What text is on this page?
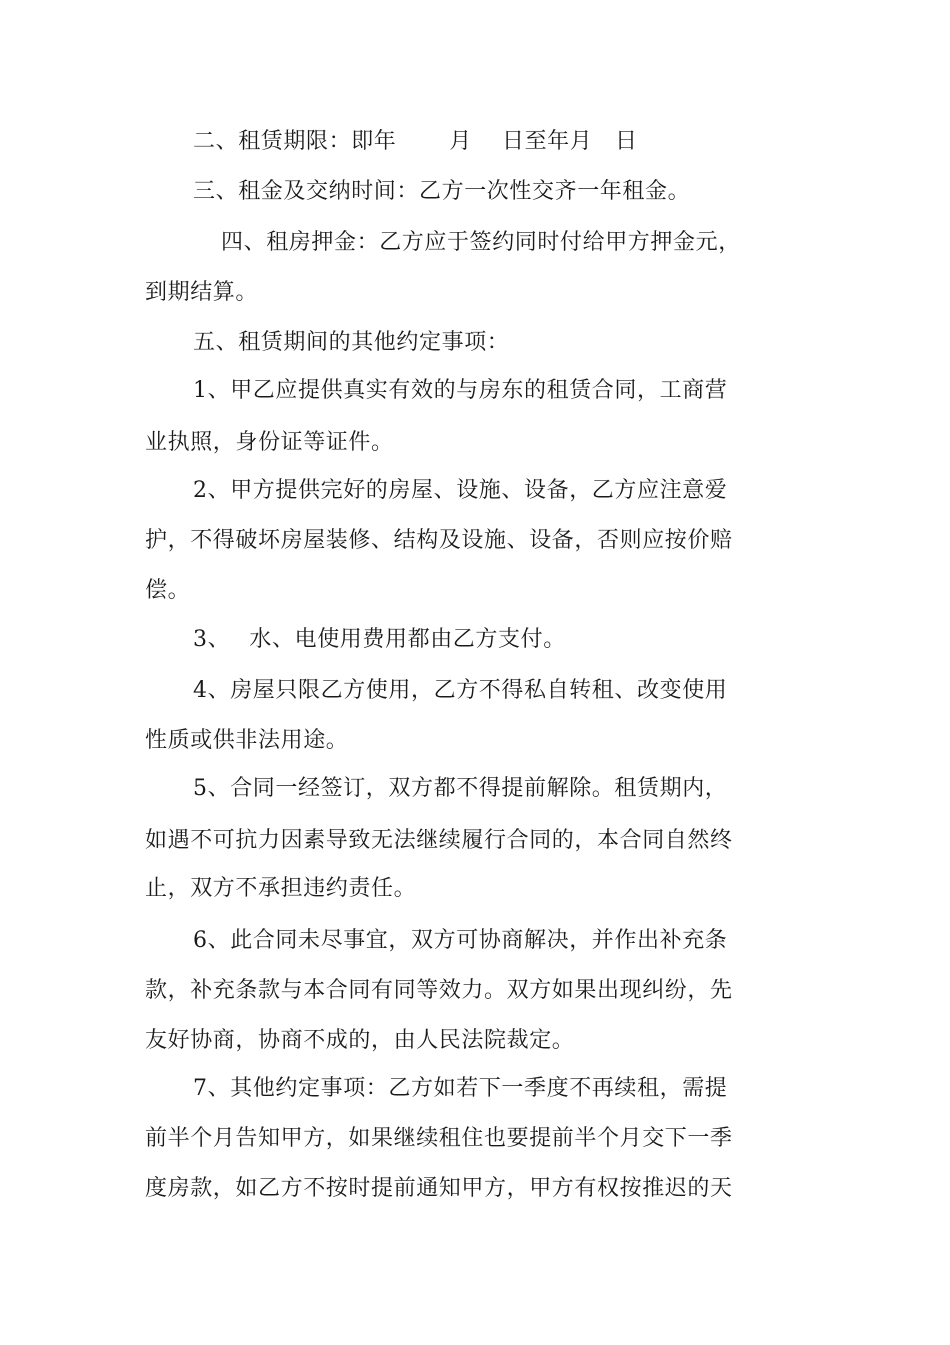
二、租赁期限：即年　　 月　 日至年月　日
三、租金及交纳时间：乙方一次性交齐一年租金。
四、租房押金：乙方应于签约同时付给甲方押金元，
到期结算。
五、租赁期间的其他约定事项：
1、甲乙应提供真实有效的与房东的租赁合同，工商营
业执照，身份证等证件。
2、甲方提供完好的房屋、设施、设备，乙方应注意爱
护，不得破坏房屋装修、结构及设施、设备，否则应按价赔
偿。
3、　 水、电使用费用都由乙方支付。
4、房屋只限乙方使用，乙方不得私自转租、改变使用
性质或供非法用途。
5、合同一经签订，双方都不得提前解除。租赁期内，
如遇不可抗力因素导致无法继续履行合同的，本合同自然终
止，双方不承担违约责任。
6、此合同未尽事宜，双方可协商解决，并作出补充条
款，补充条款与本合同有同等效力。双方如果出现纠纷，先
友好协商，协商不成的，由人民法院裁定。
7、其他约定事项：乙方如若下一季度不再续租，需提
前半个月告知甲方，如果继续租住也要提前半个月交下一季
度房款，如乙方不按时提前通知甲方，甲方有权按推迟的天
